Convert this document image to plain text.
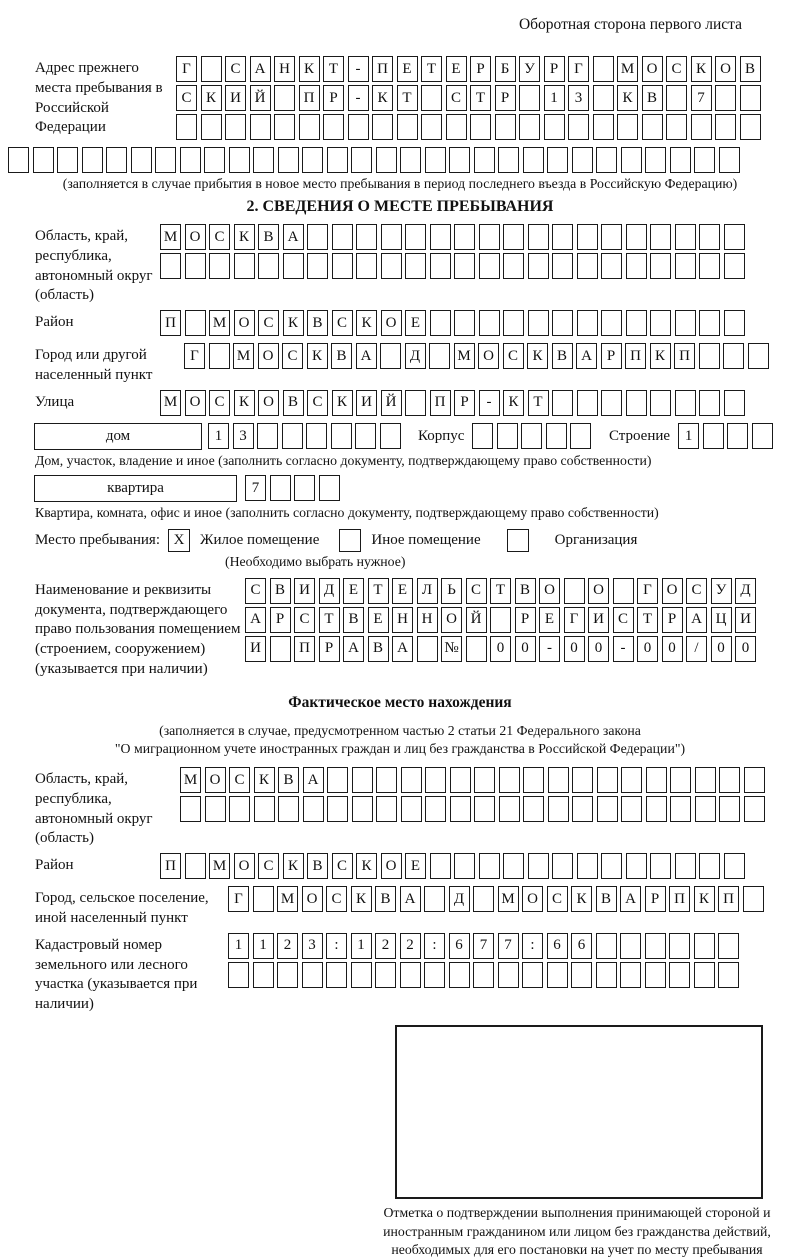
Оборотная сторона первого листа
Адрес прежнего места пребывания в Российской Федерации
Г	С А Н К Т	-	П Е	Т	Е	Р	Б У	Р	Г	М О С К О В
С К И Й	П Р	-	К Т	С Т	Р	1	3	К В	7
(заполняется в случае прибытия в новое место пребывания в период последнего въезда в Российскую Федерацию)
2. СВЕДЕНИЯ О МЕСТЕ ПРЕБЫВАНИЯ
Область, край, республика, автономный округ (область)
М О С К В А
Район	П	М О С К В С К О Е
Город или другой населенный пункт
Г	М О С К В А	Д	М О С К В А Р П К П
Улица	М О С К О В С К И Й	П Р	-	К Т
дом	1	3	Корпус	Строение 1
Дом, участок, владение и иное (заполнить согласно документу, подтверждающему право собственности)
квартира	7
Квартира, комната, офис и иное (заполнить согласно документу, подтверждающему право собственности)
Место пребывания: X	Жилое помещение	Иное помещение	Организация
(Необходимо выбрать нужное)
Наименование и реквизиты документа, подтверждающего право пользования помещением (строением, сооружением) (указывается при наличии)
С В И Д Е	Т	Е Л	Ь	С Т В О	О	Г О С У Д
А Р	С Т В Е Н Н О Й	Р	Е	Г И С Т	Р А Ц И
И	П Р А В А	№	0	0	-	0	0	-	0	0	/	0	0
Фактическое место нахождения
(заполняется в случае, предусмотренном частью 2 статьи 21 Федерального закона
"О миграционном учете иностранных граждан и лиц без гражданства в Российской Федерации")
Область, край, республика, автономный округ (область)
М О С К В А
Район	П	М О С К В С К О Е
Город, сельское поселение, иной населенный пункт
Г	М О С К В А	Д	М О С К В А Р П К П
Кадастровый номер земельного или лесного участка (указывается при наличии)
1	1	2	3	:	1	2	2	:	6	7	7	:	6	6
Отметка о подтверждении выполнения принимающей стороной и иностранным гражданином или лицом без гражданства действий, необходимых для его постановки на учет по месту пребывания
